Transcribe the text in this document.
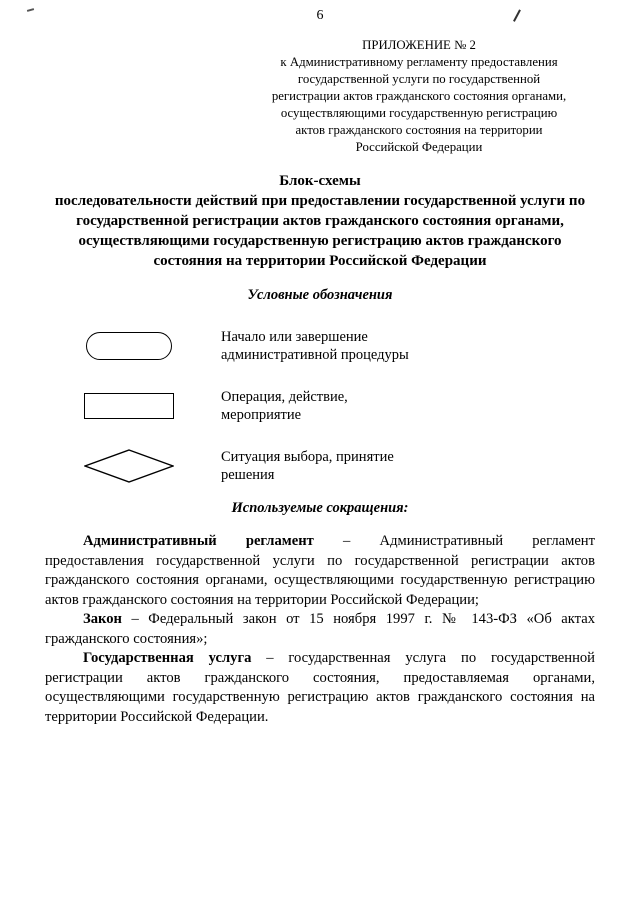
6
ПРИЛОЖЕНИЕ № 2
к Административному регламенту предоставления
государственной услуги по государственной
регистрации актов гражданского состояния органами,
осуществляющими государственную регистрацию
актов гражданского состояния на территории
Российской Федерации
Блок-схемы
последовательности действий при предоставлении государственной услуги по государственной регистрации актов гражданского состояния органами, осуществляющими государственную регистрацию актов гражданского состояния на территории Российской Федерации
Условные обозначения
Начало или завершение административной процедуры
Операция, действие, мероприятие
Ситуация выбора, принятие решения
Используемые сокращения:

Административный регламент – Административный регламент предоставления государственной услуги по государственной регистрации актов гражданского состояния органами, осуществляющими государственную регистрацию актов гражданского состояния на территории Российской Федерации;

Закон – Федеральный закон от 15 ноября 1997 г. № 143-ФЗ «Об актах гражданского состояния»;

Государственная услуга – государственная услуга по государственной регистрации актов гражданского состояния, предоставляемая органами, осуществляющими государственную регистрацию актов гражданского состояния на территории Российской Федерации.
